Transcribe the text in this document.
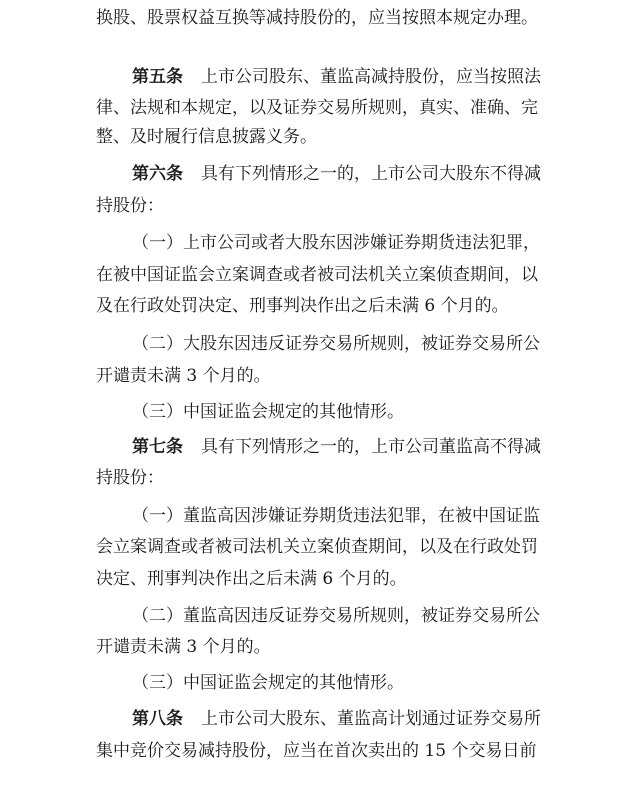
换股、股票权益互换等减持股份的，应当按照本规定办理。
第五条 上市公司股东、董监高减持股份，应当按照法
律、法规和本规定，以及证券交易所规则，真实、准确、完
整、及时履行信息披露义务。
第六条 具有下列情形之一的，上市公司大股东不得减
持股份：
（一）上市公司或者大股东因涉嫌证券期货违法犯罪，
在被中国证监会立案调查或者被司法机关立案侦查期间，以
及在行政处罚决定、刑事判决作出之后未满 6 个月的。
（二）大股东因违反证券交易所规则，被证券交易所公
开谴责未满 3 个月的。
（三）中国证监会规定的其他情形。
第七条 具有下列情形之一的，上市公司董监高不得减
持股份：
（一）董监高因涉嫌证券期货违法犯罪，在被中国证监
会立案调查或者被司法机关立案侦查期间，以及在行政处罚
决定、刑事判决作出之后未满 6 个月的。
（二）董监高因违反证券交易所规则，被证券交易所公
开谴责未满 3 个月的。
（三）中国证监会规定的其他情形。
第八条 上市公司大股东、董监高计划通过证券交易所
集中竞价交易减持股份，应当在首次卖出的 15 个交易日前
